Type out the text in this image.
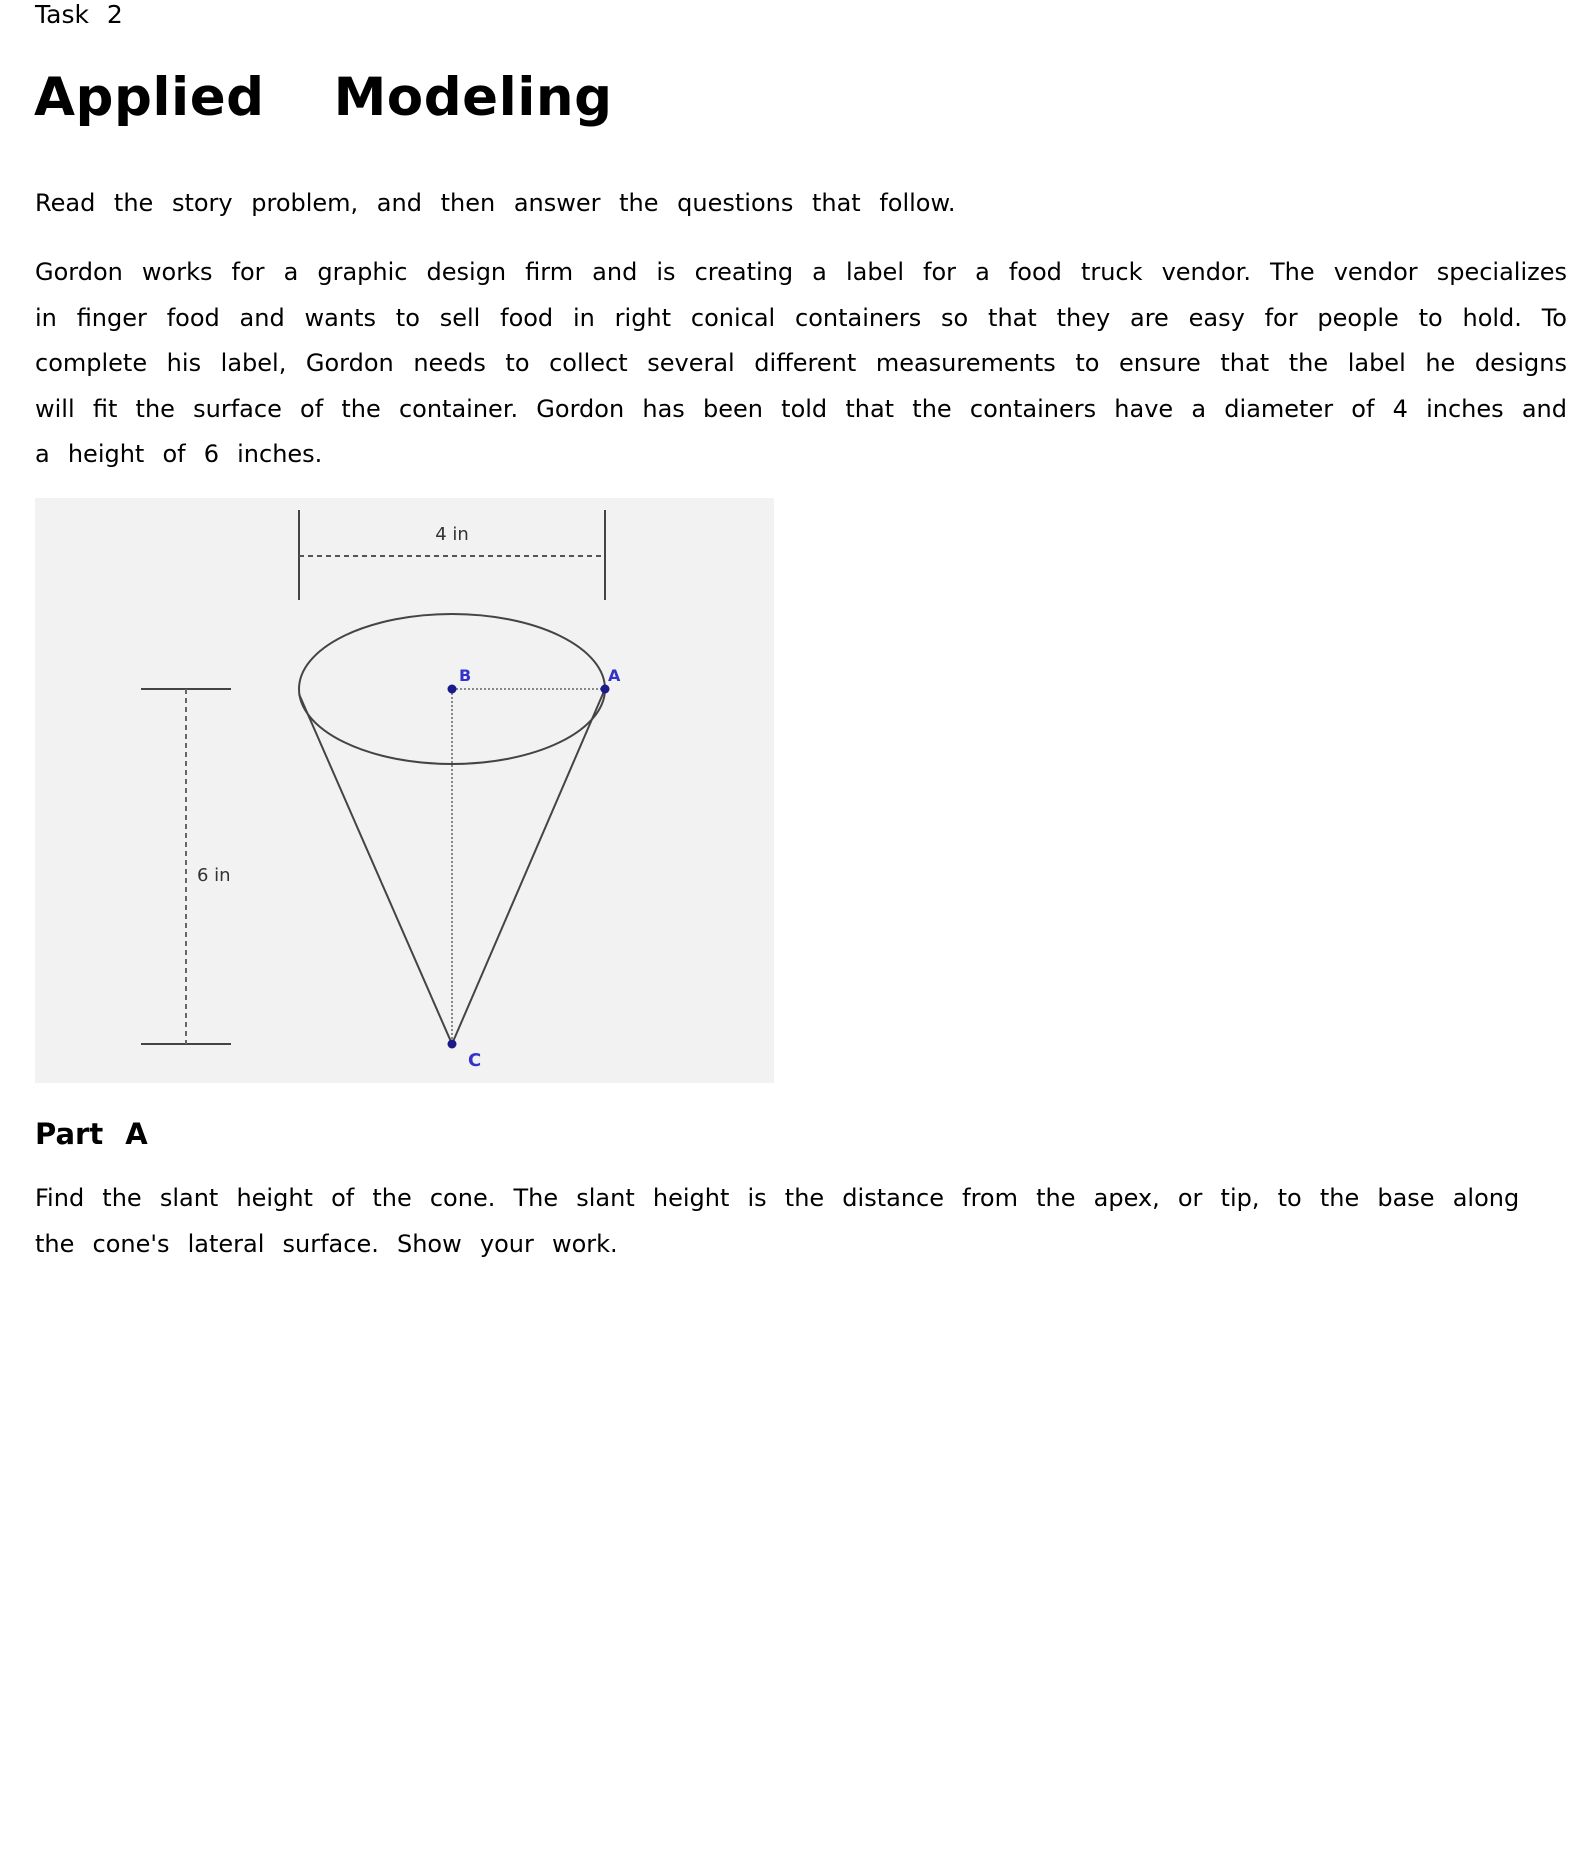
Task 2
Applied Modeling

Read the story problem, and then answer the questions that follow.

Gordon works for a graphic design firm and is creating a label for a food truck vendor. The vendor specializes in finger food and wants to sell food in right conical containers so that they are easy for people to hold. To complete his label, Gordon needs to collect several different measurements to ensure that the label he designs will fit the surface of the container. Gordon has been told that the containers have a diameter of 4 inches and a height of 6 inches.

4 in
6 in
B	A
C
Part A

Find the slant height of the cone. The slant height is the distance from the apex, or tip, to the base along the cone's lateral surface. Show your work.
